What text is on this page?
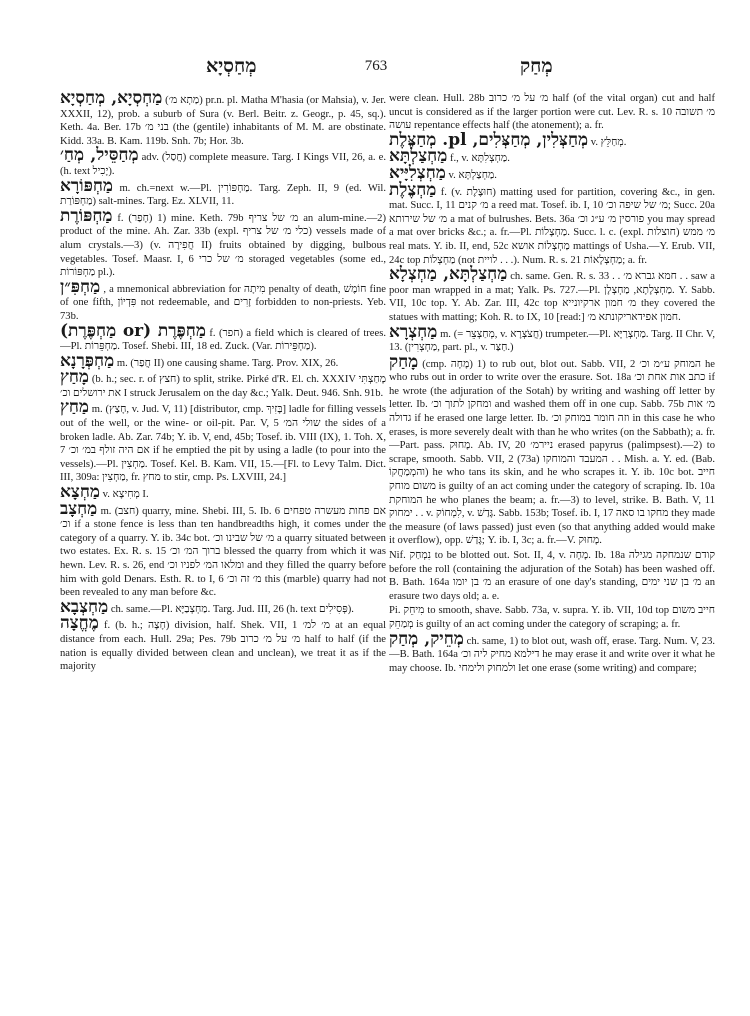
מְחַסְיָא	763	מְחַק

מַחְסְיָא, מְחַסְיָא (מַתְא מ׳) pr.n. pl. Matha M'hasia (or Mahsia), v. Jer. XXXII, 12), prob. a suburb of Sura (v. Berl. Beitr. z. Geogr., p. 45, sq.). Keth. 4a. Ber. 17b בני מ׳ (the (gentile) inhabitants of M. M. are obstinate. Kidd. 33a. B. Kam. 119b. Snh. 7b; Hor. 3b.

מְחַסֵּיל, מְחַ׳ adv. (חֲסַל) complete measure. Targ. I Kings VII, 26, a. e. (h. text יָכִיל).

מַחְפּוֹרָא m. ch.=next w.—Pl. מַחְפּוֹרִין. Targ. Zeph. II, 9 (ed. Wil. מַחְפּוֹרַת) salt-mines. Targ. Ez. XLVII, 11.

מַחְפּוֹרֶת f. (חָפַר) 1) mine. Keth. 79b מ׳ של צריף an alum-mine.—2) product of the mine. Ah. Zar. 33b (expl. כלי מ׳ של צריף) vessels made of alum crystals.—3) (v. חֲפִירָה II) fruits obtained by digging, bulbous vegetables. Tosef. Maasr. I, 6 מ׳ של כרי storaged vegetables (some ed., מַחְפּוֹרוֹת pl.).

מַחְפִּ״ן , a mnemonical abbreviation for מִיתָה penalty of death, חוֹמֶשׁ fine of one fifth, פִּדְיוֹן not redeemable, and זָרִים forbidden to non-priests. Yeb. 73b.

מַחְפֶּרֶת (or מַחְפֶּרֶת) f. (חפר) a field which is cleared of trees.—Pl. מַחְפֵּרוֹת. Tosef. Shebi. III, 18 ed. Zuck. (Var. מַחְפֵּירוֹת).

מַחְפְּרָנָא m. (חֲפַר II) one causing shame. Targ. Prov. XIX, 26.

מָחַץ (b. h.; sec. r. of חצץ) to split, strike. Pirké d'R. El. ch. XXXIV מָחַצְתִּי את ירושלים וכ׳ I struck Jerusalem on the day &c.; Yalk. Deut. 946. Snh. 91b.

מַחַץ m. (חָצַץ, v. Jud. V, 11) [distributor, cmp. בָּזִיךְ] ladle for filling vessels out of the well, or the wine- or oil-pit. Par. V, 5 שולי המ׳ the sides of a broken ladle. Ab. Zar. 74b; Y. ib. V, end, 45b; Tosef. ib. VIII (IX), 1. Toh. X, 7 אם היה זולף במ׳ וכ׳ if he emptied the pit by using a ladle (to pour into the vessels).—Pl. מַחְצִין. Tosef. Kel. B. Kam. VII, 15.—[Fl. to Levy Talm. Dict. III, 309a: מַחְצִין, fr. מחץ to stir, cmp. Ps. LXVIII, 24.]

מַחְצָא v. מְחִיצָא I.

מַחְצָב m. (חצב) quarry, mine. Shebi. III, 5. Ib. 6 אם פחות מעשרה טפחים וכ׳ if a stone fence is less than ten handbreadths high, it comes under the category of a quarry. Y. ib. 34c bot. מ׳ של שבינו וכ׳ a quarry situated between two estates. Ex. R. s. 15 ברוך המ׳ וכ׳ blessed the quarry from which it was hewn. Lev. R. s. 26, end ומלאו המ׳ לפניו וכ׳ and they filled the quarry before him with gold Denars. Esth. R. to I, 6 מ׳ זה וכ׳ this (marble) quarry had not been revealed to any man before &c.

מַחְצְבָא ch. same.—Pl. מַחְצְבַיָּא. Targ. Jud. III, 26 (h. text פְּסִילִים).

מֶחֱצָה f. (b. h.; חָצָה) division, half. Shek. VII, 1 מ׳ למ׳ at an equal distance from each. Hull. 29a; Pes. 79b מ׳ על מ׳ כרוב half to half (if the nation is equally divided between clean and unclean), we treat it as if the majority

were clean. Hull. 28b מ׳ על מ׳ כרוב half (of the vital organ) cut and half uncut is considered as if the larger portion were cut. Lev. R. s. 10 מ׳ תשובה עושה repentance effects half (the atonement); a. fr.

מְחַצְּלִין, מְחַצְּלִים, pl. מְחַצֶּלֶת v. מְחַלֵּץ.

מַחְצַלְתָּא f., v. מַחְצְלִתָּא.

מַחְצְלִיָּיא v. מַחְצַלְתָּא.

מַחְצֶלֶת f. (v. חוּצֶלֶת) matting used for partition, covering &c., in gen. mat. Succ. I, 11 מ׳ קנים a reed mat. Tosef. ib. I, 10 מ׳ של שיפה וכ׳; Succ. 20a מ׳ של שירותא a mat of bulrushes. Bets. 36a פורסין מ׳ ע״ג וכ׳ you may spread a mat over bricks &c.; a. fr.—Pl. מַחְצָלוֹת. Succ. l. c. (expl. חוצלות) מ׳ ממש real mats. Y. ib. II, end, 52c מַחְצְלוֹת אושא mattings of Usha.—Y. Erub. VII, 24c top מַחְצְלוֹת (not לויית . . .). Num. R. s. 21 מַחְצְלָאוֹת; a. fr.

מַחְצַלְתָּא, מַחְצְלָא ch. same. Gen. R. s. 33 . . חמא גברא מ׳ . . saw a poor man wrapped in a mat; Yalk. Ps. 727.—Pl. מַחְצְלָתָא, מַחְצְלָן. Y. Sabb. VII, 10c top. Y. Ab. Zar. III, 42c top מ׳ חמון ארקיונייא they covered the statues with matting; Koh. R. to IX, 10 [read:] חמון אפידאריקונתא מ׳.

מַחְצְרָא m. (= מְחַצְצֵר, v. חֲצֹצְרָא) trumpeter.—Pl. מַחְצְרַיָּא. Targ. II Chr. V, 13. (מַחְצְרִין, part. pl., v. חַצַּר.)

מָחַק (cmp. מָחָה) 1) to rub out, blot out. Sabb. VII, 2 המוחק ע״מ וכ׳ he who rubs out in order to write over the erasure. Sot. 18a כתב אות אחת וכ׳ if he wrote (the adjuration of the Sotah) by writing and washing off letter by letter. Ib. ומחקן לתוך וכ׳ and washed them off in one cup. Sabb. 75b מ׳ אות גדולה if he erased one large letter. Ib. וזה חומר במוחק וכ׳ in this case he who erases, is more severely dealt with than he who writes (on the Sabbath); a. fr.—Part. pass. מָחוּק. Ab. IV, 20 ניירמ׳ erased papyrus (palimpsest).—2) to scrape, smooth. Sabb. VII, 2 (73a) המעבד והמוחקו . . Mish. a. Y. ed. (Bab. והמְמַחֲקוֹ) he who tans its skin, and he who scrapes it. Y. ib. 10c bot. חייב משום מוחק is guilty of an act coming under the category of scraping. Ib. 10a המוחקת he who planes the beam; a. fr.—3) to level, strike. B. Bath. V, 11 ימחוק . . v. לִמְחוֹק, v. גָּדַשׁ. Sabb. 153b; Tosef. ib. I, 17 מחקו בו סאה they made the measure (of laws passed) just even (so that anything added would make it overflow), opp. גָּדַשׁ; Y. ib. I, 3c; a. fr.—V. מָחוּק.

Nif. נִמְחַק to be blotted out. Sot. II, 4, v. מָחָה. Ib. 18a קודם שנמחקה מגילה before the roll (containing the adjuration of the Sotah) has been washed off. B. Bath. 164a מ׳ בן יומו an erasure of one day's standing, מ׳ בן שני ימים an erasure two days old; a. e.

Pi. מִיחֵק to smooth, shave. Sabb. 73a, v. supra. Y. ib. VII, 10d top חייב משום מְמַחֵק is guilty of an act coming under the category of scraping; a. fr.

מְחֵיק, מְחַק ch. same, 1) to blot out, wash off, erase. Targ. Num. V, 23.—B. Bath. 164a דילמא מחיק ליה וכ׳ he may erase it and write over it what he may choose. Ib. ולמחוק ולימחי let one erase (some writing) and compare;
